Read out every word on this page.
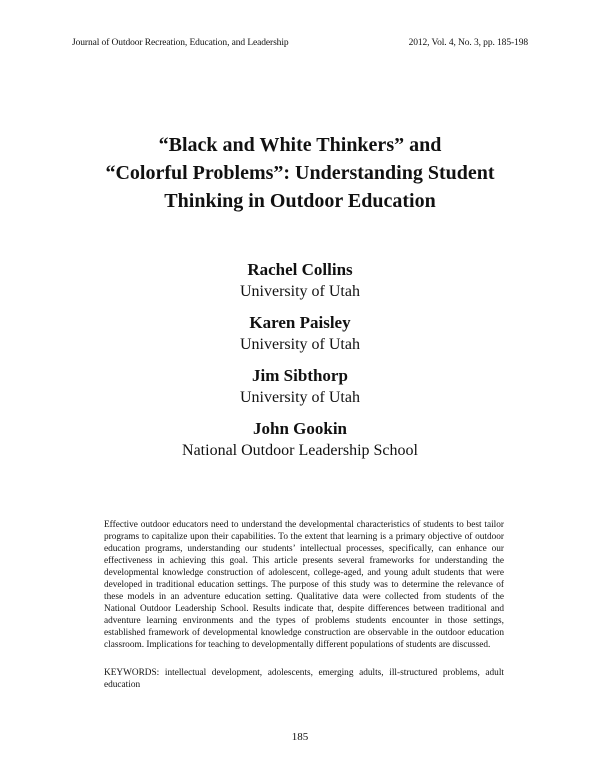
Journal of Outdoor Recreation, Education, and Leadership	2012, Vol. 4, No. 3, pp. 185-198
“Black and White Thinkers” and
“Colorful Problems”: Understanding Student
Thinking in Outdoor Education
Rachel Collins
University of Utah
Karen Paisley
University of Utah
Jim Sibthorp
University of Utah
John Gookin
National Outdoor Leadership School

Effective outdoor educators need to understand the developmental characteristics of students to best tailor programs to capitalize upon their capabilities. To the extent that learning is a primary objective of outdoor education programs, understanding our students’ intellectual processes, specifically, can enhance our effectiveness in achieving this goal. This article presents several frameworks for understanding the developmental knowledge construction of adolescent, college-aged, and young adult students that were developed in traditional education settings. The purpose of this study was to determine the relevance of these models in an adventure education setting. Qualitative data were collected from students of the National Outdoor Leadership School. Results indicate that, despite differences between traditional and adventure learning environments and the types of problems students encounter in those settings, established framework of developmental knowledge construction are observable in the outdoor education classroom. Implications for teaching to developmentally different populations of students are discussed.

KEYWORDS: intellectual development, adolescents, emerging adults, ill-structured problems, adult education

185
